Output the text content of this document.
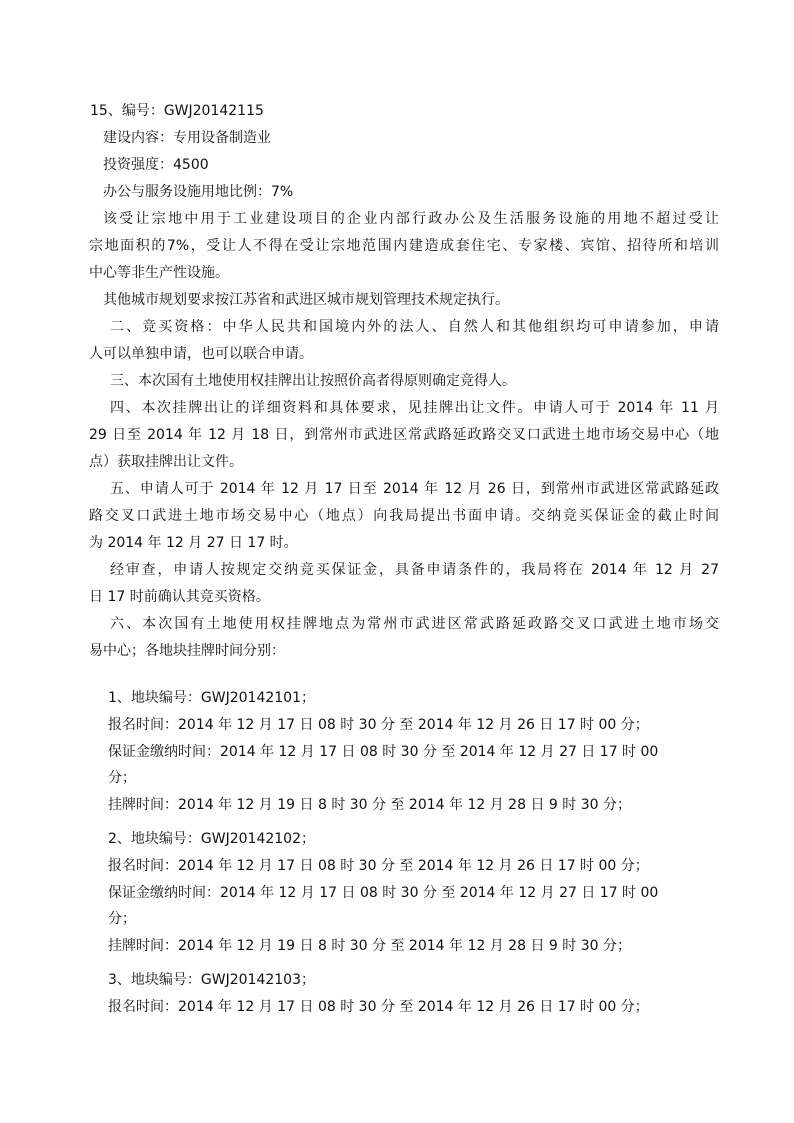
15、编号：GWJ20142115
建设内容：专用设备制造业
投资强度：4500
办公与服务设施用地比例：7%
该受让宗地中用于工业建设项目的企业内部行政办公及生活服务设施的用地不超过受让
宗地面积的7%，受让人不得在受让宗地范围内建造成套住宅、专家楼、宾馆、招待所和培训
中心等非生产性设施。
其他城市规划要求按江苏省和武进区城市规划管理技术规定执行。
二、竞买资格：中华人民共和国境内外的法人、自然人和其他组织均可申请参加，申请
人可以单独申请，也可以联合申请。
三、本次国有土地使用权挂牌出让按照价高者得原则确定竞得人。
四、本次挂牌出让的详细资料和具体要求，见挂牌出让文件。申请人可于 2014 年 11 月
29 日至 2014 年 12 月 18 日，到常州市武进区常武路延政路交叉口武进土地市场交易中心（地
点）获取挂牌出让文件。
五、申请人可于 2014 年 12 月 17 日至 2014 年 12 月 26 日，到常州市武进区常武路延政
路交叉口武进土地市场交易中心（地点）向我局提出书面申请。交纳竞买保证金的截止时间
为 2014 年 12 月 27 日 17 时。
经审查，申请人按规定交纳竞买保证金，具备申请条件的，我局将在 2014 年 12 月 27
日 17 时前确认其竞买资格。
六、本次国有土地使用权挂牌地点为常州市武进区常武路延政路交叉口武进土地市场交
易中心；各地块挂牌时间分别：
1、地块编号：GWJ20142101；
报名时间：2014 年 12 月 17 日 08 时 30 分 至 2014 年 12 月 26 日 17 时 00 分；
保证金缴纳时间：2014 年 12 月 17 日 08 时 30 分 至 2014 年 12 月 27 日 17 时 00
分；
挂牌时间：2014 年 12 月 19 日 8 时 30 分 至 2014 年 12 月 28 日 9 时 30 分；
2、地块编号：GWJ20142102；
报名时间：2014 年 12 月 17 日 08 时 30 分 至 2014 年 12 月 26 日 17 时 00 分；
保证金缴纳时间：2014 年 12 月 17 日 08 时 30 分 至 2014 年 12 月 27 日 17 时 00
分；
挂牌时间：2014 年 12 月 19 日 8 时 30 分 至 2014 年 12 月 28 日 9 时 30 分；
3、地块编号：GWJ20142103；
报名时间：2014 年 12 月 17 日 08 时 30 分 至 2014 年 12 月 26 日 17 时 00 分；
